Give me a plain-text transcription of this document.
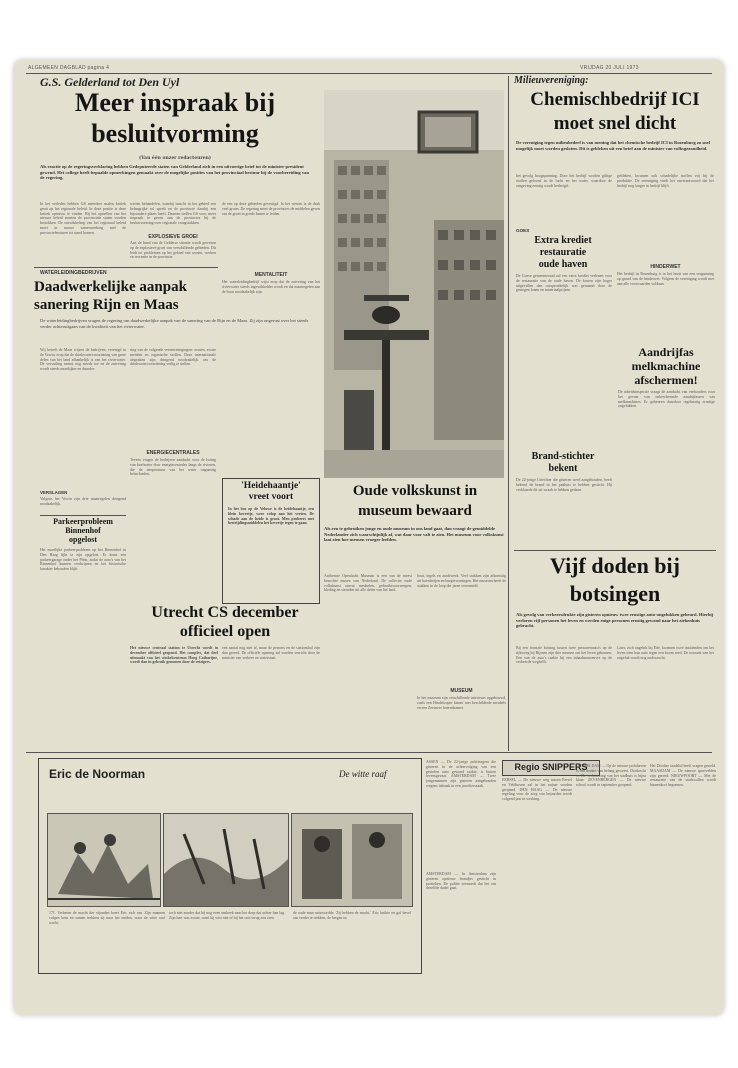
ALGEMEEN DAGBLAD pagina 4	VRIJDAG 20 JULI 1973
G.S. Gelderland tot Den Uyl
Meer inspraak bij
besluitvorming
(Van één onzer redacteuren)
Als reactie op de regeringsverklaring hebben Gedeputeerde staten van Gelderland zich in een uitvoerige brief tot de minister-president gewend. Het college heeft bepaalde opmerkingen gemaakt over de mogelijke posities van het provinciaal bestuur bij de voorbereiding van de regering.
In het verleden hebben GS meerdere malen kritiek geuit op het regionale beleid. In deze positie is deze kritiek opnieuw te vinden. Bij het opstellen van het nieuwe beleid moeten de provinciale staten worden betrokken. De ontwikkeling van het regionaal beleid moet in nauwe samenwerking met de provinciebesturen tot stand komen.
wetten behandelen, waarbij inzicht in het gebied een belangrijke rol speelt en de provincie daarbij een bijzondere plaats heeft. Daarom stellen GS voor, meer inspraak te geven aan de provincies bij de besluitvorming over regionale vraagstukken.
EXPLOSIEVE GROEI
Aan de hand van de Gelderse situatie wordt gewezen op de explosieve groei van verschillende gebieden. Dit leidt tot problemen op het gebied van wonen, werken en recreatie in de provincie.
de een op deze gebieden gevestigd. In het westen is de druk veel groter. De regering moet de provincies de middelen geven om de groei in goede banen te leiden.
MENTALITEIT
Het waterleidingbedrijf wijst erop dat de zuivering van het rivierwater steeds ingewikkelder wordt en dat maatregelen aan de bron noodzakelijk zijn.
WATERLEIDINGBEDRIJVEN
Daadwerkelijke aanpak
sanering Rijn en Maas
De waterleidingbedrijven vragen de regering om daadwerkelijke aanpak van de sanering van de Rijn en de Maas. Zij zijn ongerust over het steeds verder achteruitgaan van de kwaliteit van het rivierwater.
Wij betreft de Maas wijzen de bedrijven, verenigd in de Vewin, erop dat de drinkwatervoorziening van grote delen van het land afhankelijk is van het rivierwater. De vervuiling neemt nog steeds toe en de zuivering wordt steeds moeilijker en duurder.
ring van de volgende verontreinigingen: zouten, zware metalen en organische stoffen. Deze internationale afspraken zijn dringend noodzakelijk om de drinkwatervoorziening veilig te stellen.
ENERGIECENTRALES
Tevens vragen de bedrijven aandacht voor de lozing van koelwater door energiecentrales langs de rivieren, die de temperatuur van het water ongunstig beïnvloeden.
VERSLAGEN
Volgens het Vewin zijn drie maatregelen dringend noodzakelijk.
Parkeerprobleem
Binnenhof
opgelost
Het moeilijke parkeerprobleem op het Binnenhof in Den Haag lijkt te zijn opgelost. Er komt een parkeergarage onder het Plein, zodat de auto's van het Binnenhof kunnen verdwijnen en het historische karakter behouden blijft.
'Heidehaantje'
vreet voort
In het bos op de Veluwe is de heidehaantje, een klein kevertje, weer volop aan het vreten. De schade aan de heide is groot. Men probeert met bestrijdingsmiddelen het kevertje tegen te gaan.
Utrecht CS december
officieel open
Het nieuwe centraal station te Utrecht wordt in december officieel geopend. Het complex, dat deel uitmaakt van het winkelcentrum Hoog Catharijne, wordt dan in gebruik genomen door de reizigers.
een aantal nog niet af, maar de perrons en de stationshal zijn dan gereed. De officiële opening zal worden verricht door de minister van verkeer en waterstaat.
Oude volkskunst in
museum bewaard
Als een te gebruiken jonge en oude museum in ons land gaat, dan vraagt de gemiddelde Nederlander zich waarschijnlijk af, wat daar voor valt te zien. Het museum voor volkskunst laat zien hoe mensen vroeger leefden.
Arnhemse Openlucht Museum is een van de meest bezochte musea van Nederland. De collectie oude volkskunst omvat meubelen, gebruiksvoorwerpen, kleding en sieraden uit alle delen van het land.
hout, tegels en aardewerk. Veel stukken zijn afkomstig uit boerderijen en burgerwoningen. Het museum heeft de stukken in de loop der jaren verzameld.
MUSEUM
In het museum zijn verschillende interieurs opgebouwd, zoals een Hindelooper kamer met beschilderde meubels en een Zeeuwse boerenkamer.
Milieuvereniging:
Chemischbedrijf ICI
moet snel dicht
De vereniging tegen milieubederf is van mening dat het chemische bedrijf ICI in Rozenburg zo snel mogelijk moet worden gesloten. Dit is gebleken uit een brief aan de minister van volksgezondheid.
het gevolg hoogspanning. Door het bedrijf worden giftige stoffen geloosd in de lucht en het water, waardoor de omgeving ernstig wordt bedreigd.
gebleken, kwamen ook schadelijke stoffen vrij bij de produktie. De vereniging vindt het onverantwoord dat het bedrijf nog langer in bedrijf blijft.
HINDERWET
Het bedrijf in Rozenburg is in het bezit van een vergunning op grond van de hinderwet. Volgens de vereniging wordt niet aan alle voorwaarden voldaan.
GOES
Extra krediet
restauratie
oude haven
De Goese gemeenteraad zal een extra krediet verlenen voor de restauratie van de oude haven. De kosten zijn hoger uitgevallen dan oorspronkelijk was geraamd door de gestegen lonen en materiaalprijzen.
Brand-stichter
bekent
De 22-jarige Utrechter die gisteren werd aangehouden, heeft bekend de brand in het pakhuis te hebben gesticht. Hij verklaarde dit uit wraak te hebben gedaan.
Aandrijfas
melkmachine
afschermen!
De arbeidsinspectie vraagt de aandacht van veehouders voor het gevaar van onbeschermde aandrijfassen van melkmachines. Er gebeuren daardoor regelmatig ernstige ongelukken.
Vijf doden bij
botsingen
Als gevolg van verkeersdrukte zijn gisteren opnieuw twee ernstige auto-ongelukken gebeurd. Hierbij verloren vijf personen het leven en werden enige personen ernstig gewond naar het ziekenhuis gebracht.
Bij een frontale botsing tussen twee personenauto's op de rijksweg bij Rijssen zijn drie mensen om het leven gekomen. Een van de auto's raakte bij een inhaalmanoeuvre op de verkeerde weghelft.
Later, zich ongeluk bij Ede, kwamen twee inzittenden om het leven toen hun auto tegen een boom reed. De oorzaak van het ongeluk wordt nog onderzocht.
Eric de Noorman	De witte raaf
171. Verbeten de macht der vijanden keert Eric zich om. Zijn mannen volgen hem en samen trekken zij naar het zuiden, waar de witte raaf wacht.
toch niet zonder dat hij nog even omkeek naar het dorp dat achter hen lag. Zijn hart was zwaar, want hij wist niet of hij het ooit terug zou zien.
de oude man antwoordde: 'Zij hebben de macht.' Eric knikte en gaf bevel om verder te trekken, de bergen in.
ASSEN — De 22-jarige politieagent die gisteren in de achtervolging van een gestolen auto gewond raakte, is buiten levensgevaar. AMSTERDAM — Twee jongemannen zijn gisteren aangehouden wegens inbraak in een juwelierszaak.
AMSTERDAM — In Amsterdam zijn gisteren opnieuw brandjes gesticht in portieken. De politie vermoedt dat het om dezelfde dader gaat.
Regio SNIPPERS
EERSEL — De nieuwe weg tussen Eersel en Veldhoven zal in het najaar worden geopend. DEN HAAG — De nieuwe regeling voor de zorg van bejaarden treedt volgend jaar in werking.
DUBBELDAM — Op de nieuwe jachthaven is een drukte van belang geweest. Dordrecht — De verbouwing van het stadhuis is bijna klaar. ZEVENBERGEN — De nieuwe school wordt in september geopend.
Het Dordtse raadslid heeft vragen gesteld. MAASDAM — De nieuwe sportvelden zijn gereed. NIEUWPOORT — Met de restauratie van de stadswallen wordt binnenkort begonnen.
